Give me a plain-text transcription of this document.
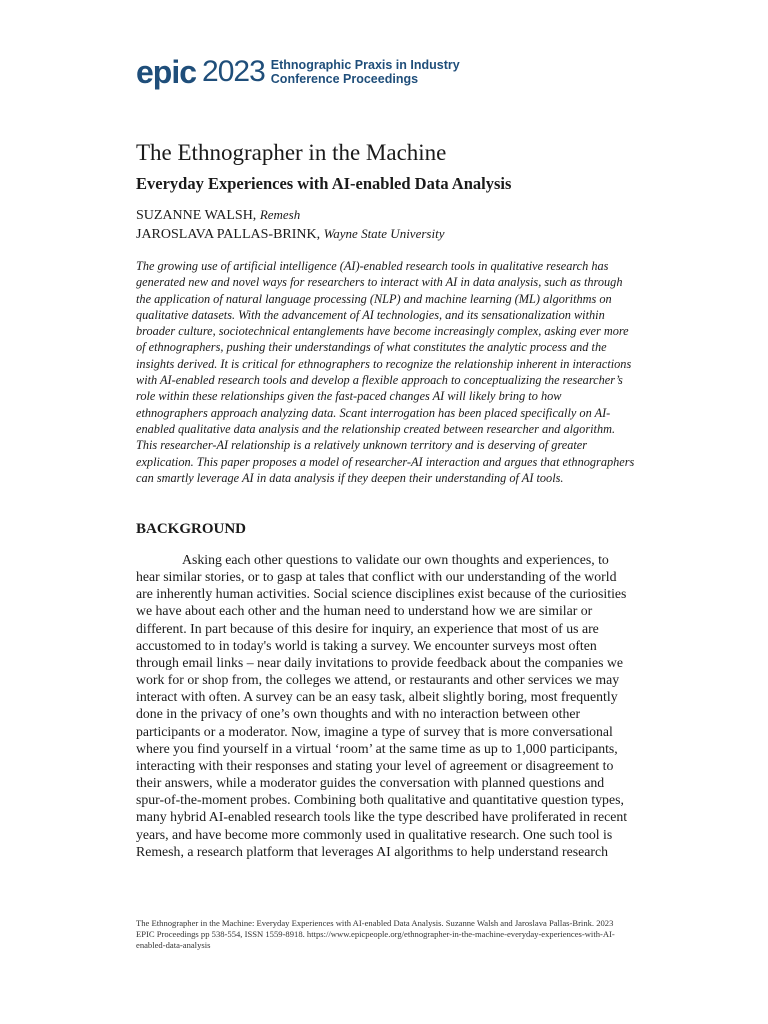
epic 2023 Ethnographic Praxis in Industry
Conference Proceedings
The Ethnographer in the Machine
Everyday Experiences with AI-enabled Data Analysis
SUZANNE WALSH, Remesh
JAROSLAVA PALLAS-BRINK, Wayne State University

The growing use of artificial intelligence (AI)-enabled research tools in qualitative research has generated new and novel ways for researchers to interact with AI in data analysis, such as through the application of natural language processing (NLP) and machine learning (ML) algorithms on qualitative datasets. With the advancement of AI technologies, and its sensationalization within broader culture, sociotechnical entanglements have become increasingly complex, asking ever more of ethnographers, pushing their understandings of what constitutes the analytic process and the insights derived. It is critical for ethnographers to recognize the relationship inherent in interactions with AI-enabled research tools and develop a flexible approach to conceptualizing the researcher’s role within these relationships given the fast-paced changes AI will likely bring to how ethnographers approach analyzing data. Scant interrogation has been placed specifically on AI-enabled qualitative data analysis and the relationship created between researcher and algorithm. This researcher-AI relationship is a relatively unknown territory and is deserving of greater explication. This paper proposes a model of researcher-AI interaction and argues that ethnographers can smartly leverage AI in data analysis if they deepen their understanding of AI tools.

BACKGROUND

Asking each other questions to validate our own thoughts and experiences, to hear similar stories, or to gasp at tales that conflict with our understanding of the world are inherently human activities. Social science disciplines exist because of the curiosities we have about each other and the human need to understand how we are similar or different. In part because of this desire for inquiry, an experience that most of us are accustomed to in today's world is taking a survey. We encounter surveys most often through email links – near daily invitations to provide feedback about the companies we work for or shop from, the colleges we attend, or restaurants and other services we may interact with often. A survey can be an easy task, albeit slightly boring, most frequently done in the privacy of one’s own thoughts and with no interaction between other participants or a moderator. Now, imagine a type of survey that is more conversational where you find yourself in a virtual ‘room’ at the same time as up to 1,000 participants, interacting with their responses and stating your level of agreement or disagreement to their answers, while a moderator guides the conversation with planned questions and spur-of-the-moment probes. Combining both qualitative and quantitative question types, many hybrid AI-enabled research tools like the type described have proliferated in recent years, and have become more commonly used in qualitative research. One such tool is Remesh, a research platform that leverages AI algorithms to help understand research

The Ethnographer in the Machine: Everyday Experiences with AI-enabled Data Analysis. Suzanne Walsh and Jaroslava Pallas-Brink. 2023 EPIC Proceedings pp 538-554, ISSN 1559-8918. https://www.epicpeople.org/ethnographer-in-the-machine-everyday-experiences-with-AI-enabled-data-analysis
